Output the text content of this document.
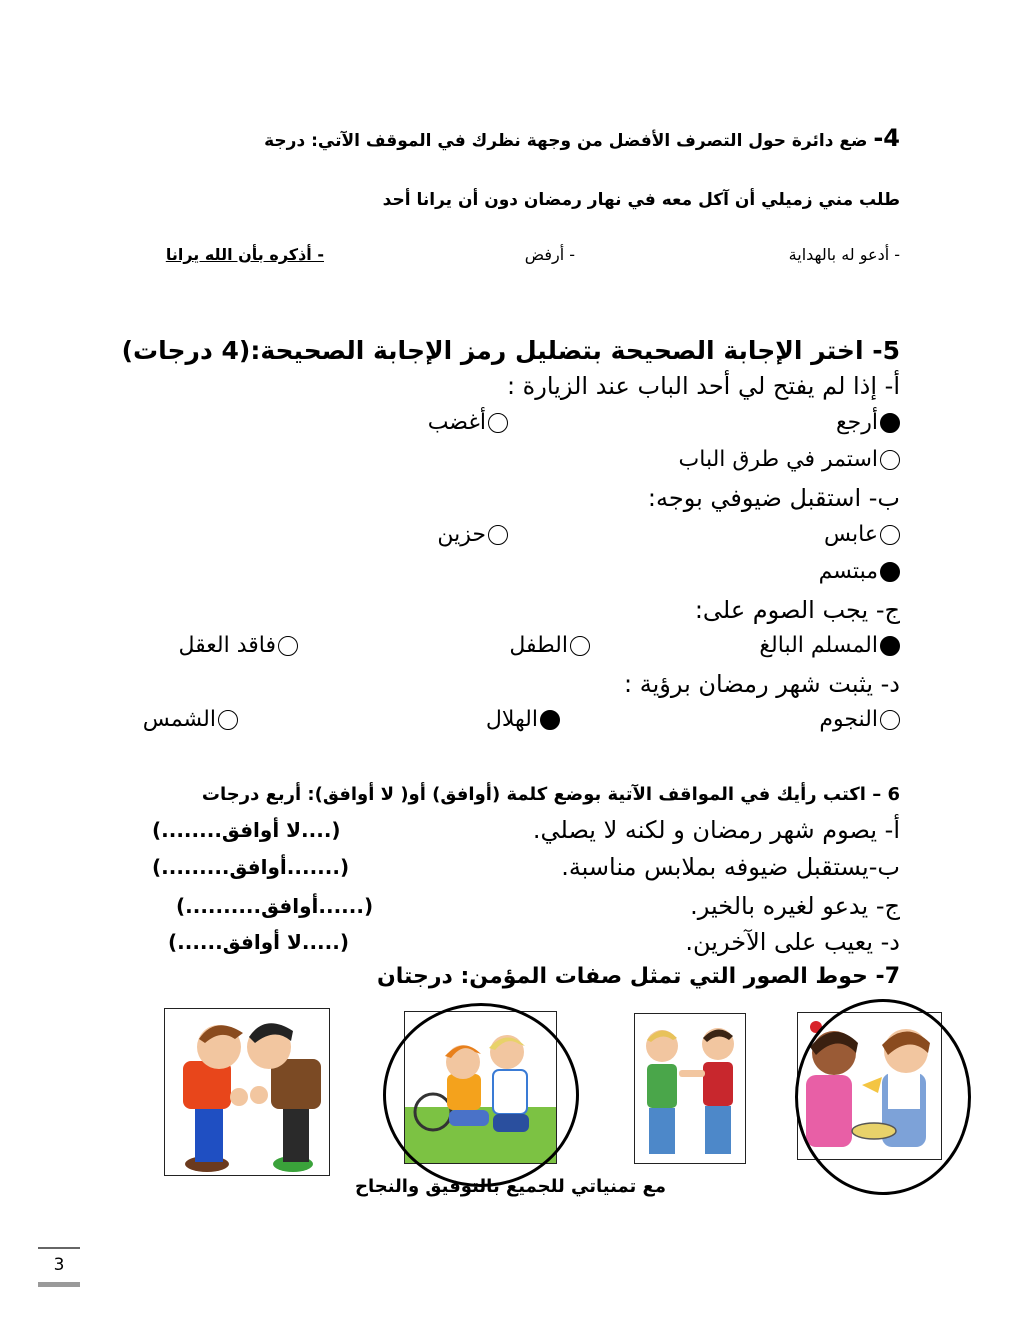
4- ضع دائرة حول التصرف الأفضل من وجهة نظرك في الموقف الآتي: درجة
طلب مني زميلي أن آكل معه في نهار رمضان دون أن يرانا أحد
- أدعو له بالهداية
- أرفض
- أذكره بأن الله يرانا
5- اختر الإجابة الصحيحة بتضليل رمز الإجابة الصحيحة:(4 درجات)
أ- إذا لم يفتح لي أحد الباب عند الزيارة :
أرجع
أغضب
استمر في طرق الباب
ب- استقبل ضيوفي بوجه:
عابس
حزين
مبتسم
ج- يجب الصوم على:
المسلم البالغ
الطفل
فاقد العقل
د- يثبت شهر رمضان برؤية :
النجوم
الهلال
الشمس
6 – اكتب رأيك في المواقف الآتية بوضع كلمة (أوافق) أو( لا أوافق): أربع درجات
أ- يصوم شهر رمضان و لكنه لا يصلي.
(....لا أوافق........)
ب-يستقبل ضيوفه بملابس مناسبة.
(.......أوافق.........)
ج- يدعو لغيره بالخير.
(......أوافق..........)
د- يعيب على الآخرين.
(.....لا أوافق......)
7- حوط الصور التي تمثل صفات المؤمن: درجتان
مع تمنياتي للجميع بالتوفيق والنجاح
3
